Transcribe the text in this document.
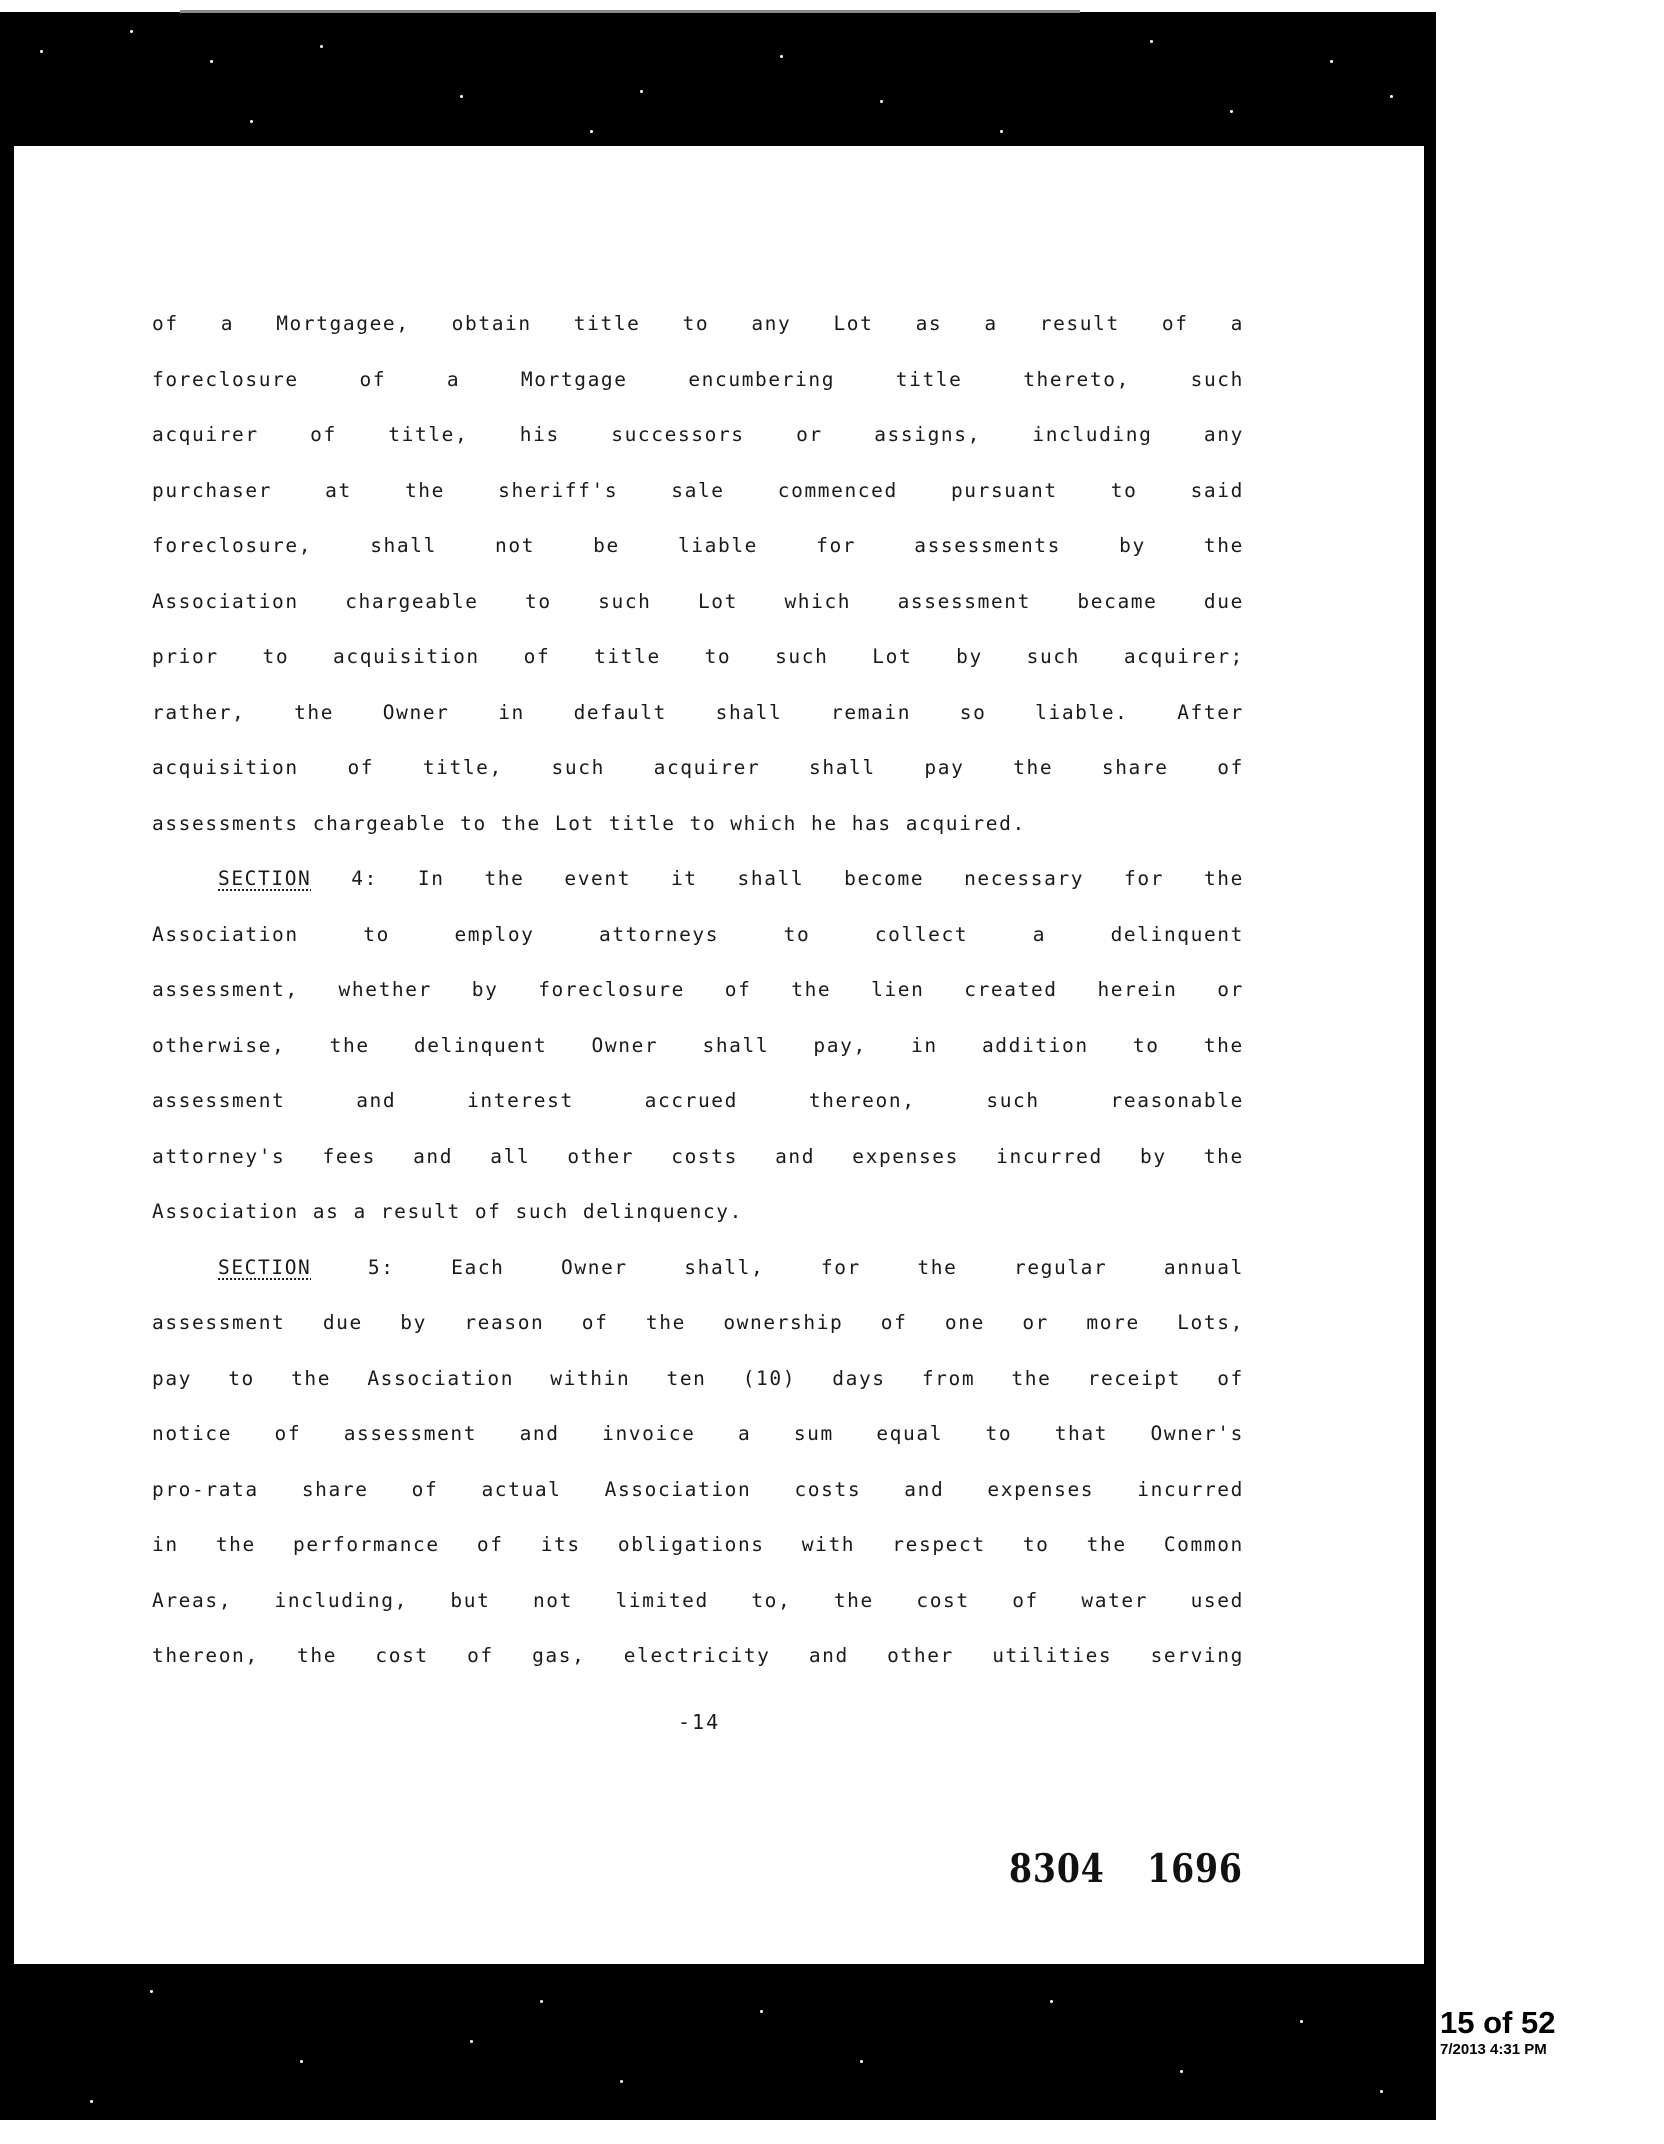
of a Mortgagee, obtain title to any Lot as a result of a
foreclosure	of	a	Mortgage	encumbering	title	thereto,	such
acquirer	of	title,	his	successors	or	assigns,	including	any
purchaser	at	the	sheriff's	sale	commenced	pursuant	to	said
foreclosure,	shall	not	be	liable	for	assessments	by	the
Association chargeable to such Lot which assessment became due
prior to acquisition of title to such Lot by such acquirer;
rather, the Owner in default shall remain so liable. After
acquisition of title, such acquirer shall pay the share of
assessments chargeable to the Lot title to which he has acquired.
SECTION 4: In the event it shall become necessary for the
Association	to	employ	attorneys	to	collect	a	delinquent
assessment, whether by foreclosure of the lien created herein or
otherwise, the delinquent Owner shall pay, in addition to the
assessment	and	interest	accrued	thereon,	such	reasonable
attorney's fees and all other costs and expenses incurred by the
Association as a result of such delinquency.
SECTION	5:	Each	Owner	shall,	for	the	regular	annual
assessment due by reason of the ownership of one or more Lots,
pay to the Association within ten (10) days from the receipt of
notice of assessment and invoice a sum equal to that Owner's
pro-rata share of actual Association costs and expenses incurred
in the performance of its obligations with respect to the Common
Areas, including, but not limited to, the cost of water used
thereon, the cost of gas, electricity and other utilities serving
-14
8304 1696
15 of 52
7/2013 4:31 PM
